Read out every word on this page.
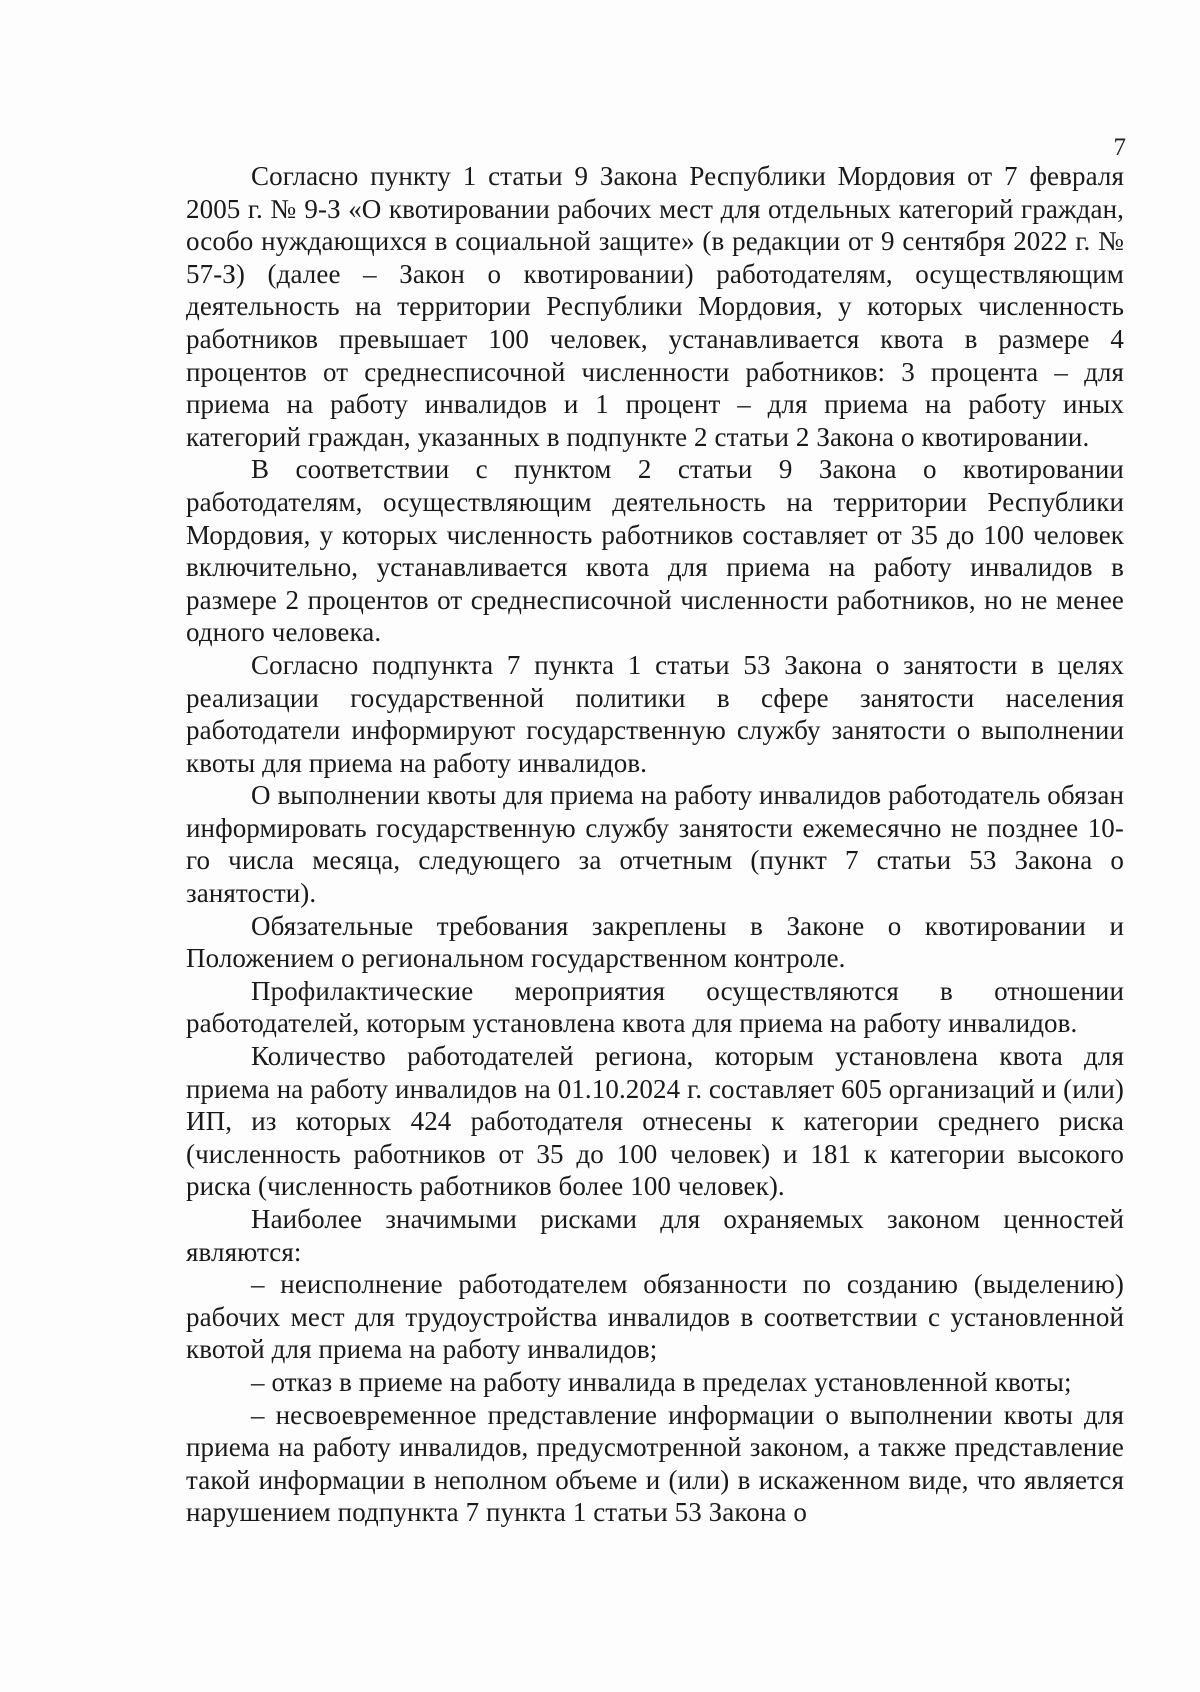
7

Согласно пункту 1 статьи 9 Закона Республики Мордовия от 7 февраля 2005 г. № 9-З «О квотировании рабочих мест для отдельных категорий граждан, особо нуждающихся в социальной защите» (в редакции от 9 сентября 2022 г. № 57-З) (далее – Закон о квотировании) работодателям, осуществляющим деятельность на территории Республики Мордовия, у которых численность работников превышает 100 человек, устанавливается квота в размере 4 процентов от среднесписочной численности работников: 3 процента – для приема на работу инвалидов и 1 процент – для приема на работу иных категорий граждан, указанных в подпункте 2 статьи 2 Закона о квотировании.

В соответствии с пунктом 2 статьи 9 Закона о квотировании работодателям, осуществляющим деятельность на территории Республики Мордовия, у которых численность работников составляет от 35 до 100 человек включительно, устанавливается квота для приема на работу инвалидов в размере 2 процентов от среднесписочной численности работников, но не менее одного человека.

Согласно подпункта 7 пункта 1 статьи 53 Закона о занятости в целях реализации государственной политики в сфере занятости населения работодатели информируют государственную службу занятости о выполнении квоты для приема на работу инвалидов.

О выполнении квоты для приема на работу инвалидов работодатель обязан информировать государственную службу занятости ежемесячно не позднее 10-го числа месяца, следующего за отчетным (пункт 7 статьи 53 Закона о занятости).

Обязательные требования закреплены в Законе о квотировании и Положением о региональном государственном контроле.

Профилактические мероприятия осуществляются в отношении работодателей, которым установлена квота для приема на работу инвалидов.

Количество работодателей региона, которым установлена квота для приема на работу инвалидов на 01.10.2024 г. составляет 605 организаций и (или) ИП, из которых 424 работодателя отнесены к категории среднего риска (численность работников от 35 до 100 человек) и 181 к категории высокого риска (численность работников более 100 человек).

Наиболее значимыми рисками для охраняемых законом ценностей являются:

– неисполнение работодателем обязанности по созданию (выделению) рабочих мест для трудоустройства инвалидов в соответствии с установленной квотой для приема на работу инвалидов;

– отказ в приеме на работу инвалида в пределах установленной квоты;

– несвоевременное представление информации о выполнении квоты для приема на работу инвалидов, предусмотренной законом, а также представление такой информации в неполном объеме и (или) в искаженном виде, что является нарушением подпункта 7 пункта 1 статьи 53 Закона о
